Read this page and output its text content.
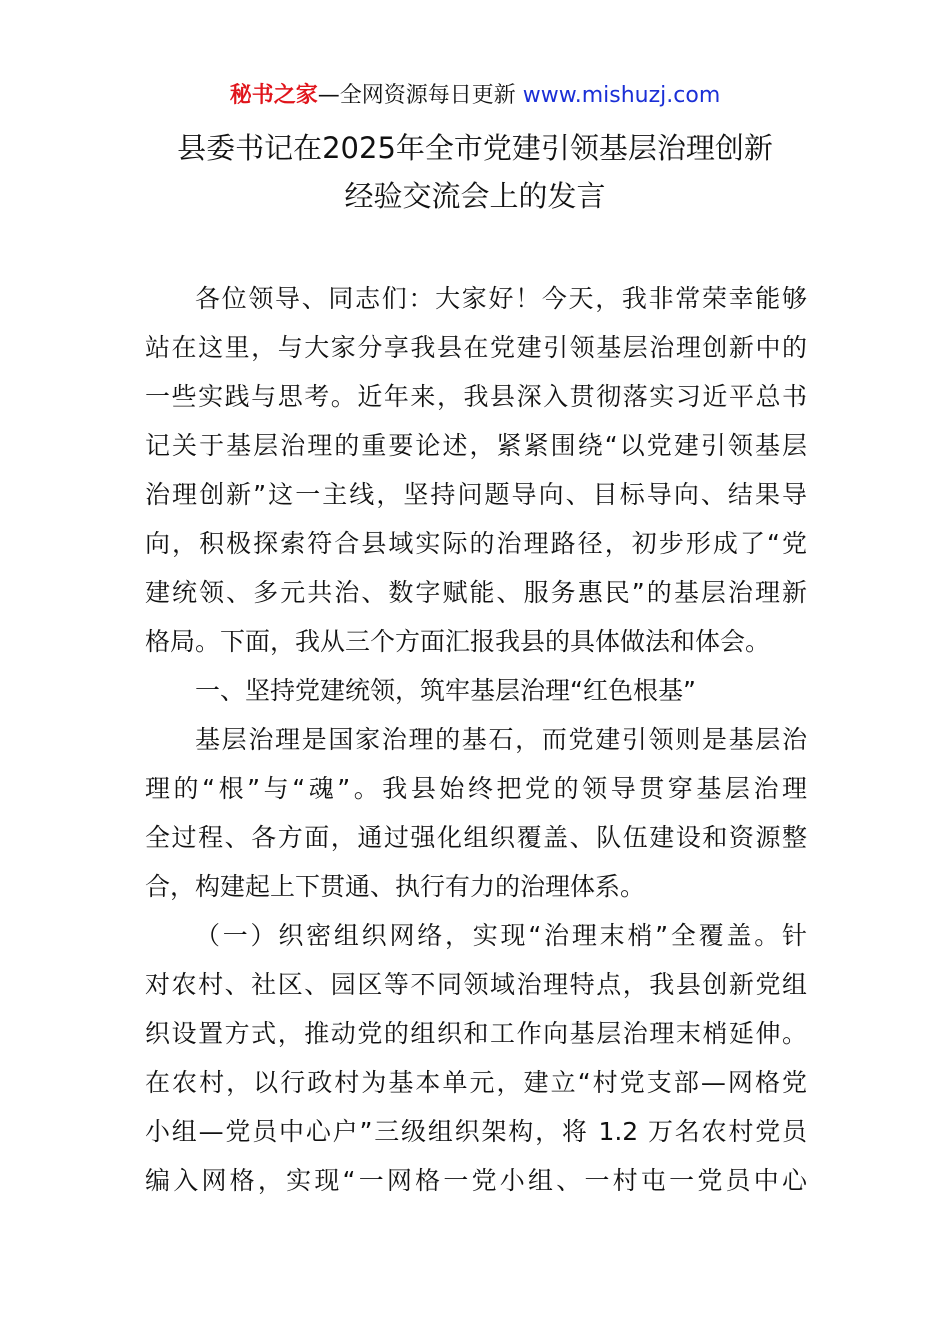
秘书之家—全网资源每日更新 www.mishuzj.com
县委书记在2025年全市党建引领基层治理创新
经验交流会上的发言
各位领导、同志们：大家好！今天，我非常荣幸能够
站在这里，与大家分享我县在党建引领基层治理创新中的
一些实践与思考。近年来，我县深入贯彻落实习近平总书
记关于基层治理的重要论述，紧紧围绕“以党建引领基层
治理创新”这一主线，坚持问题导向、目标导向、结果导
向，积极探索符合县域实际的治理路径，初步形成了“党
建统领、多元共治、数字赋能、服务惠民”的基层治理新
格局。下面，我从三个方面汇报我县的具体做法和体会。
一、坚持党建统领，筑牢基层治理“红色根基”
基层治理是国家治理的基石，而党建引领则是基层治
理的“根”与“魂”。我县始终把党的领导贯穿基层治理
全过程、各方面，通过强化组织覆盖、队伍建设和资源整
合，构建起上下贯通、执行有力的治理体系。
（一）织密组织网络，实现“治理末梢”全覆盖。针
对农村、社区、园区等不同领域治理特点，我县创新党组
织设置方式，推动党的组织和工作向基层治理末梢延伸。
在农村，以行政村为基本单元，建立“村党支部—网格党
小组—党员中心户”三级组织架构，将 1.2 万名农村党员
编入网格，实现“一网格一党小组、一村屯一党员中心
